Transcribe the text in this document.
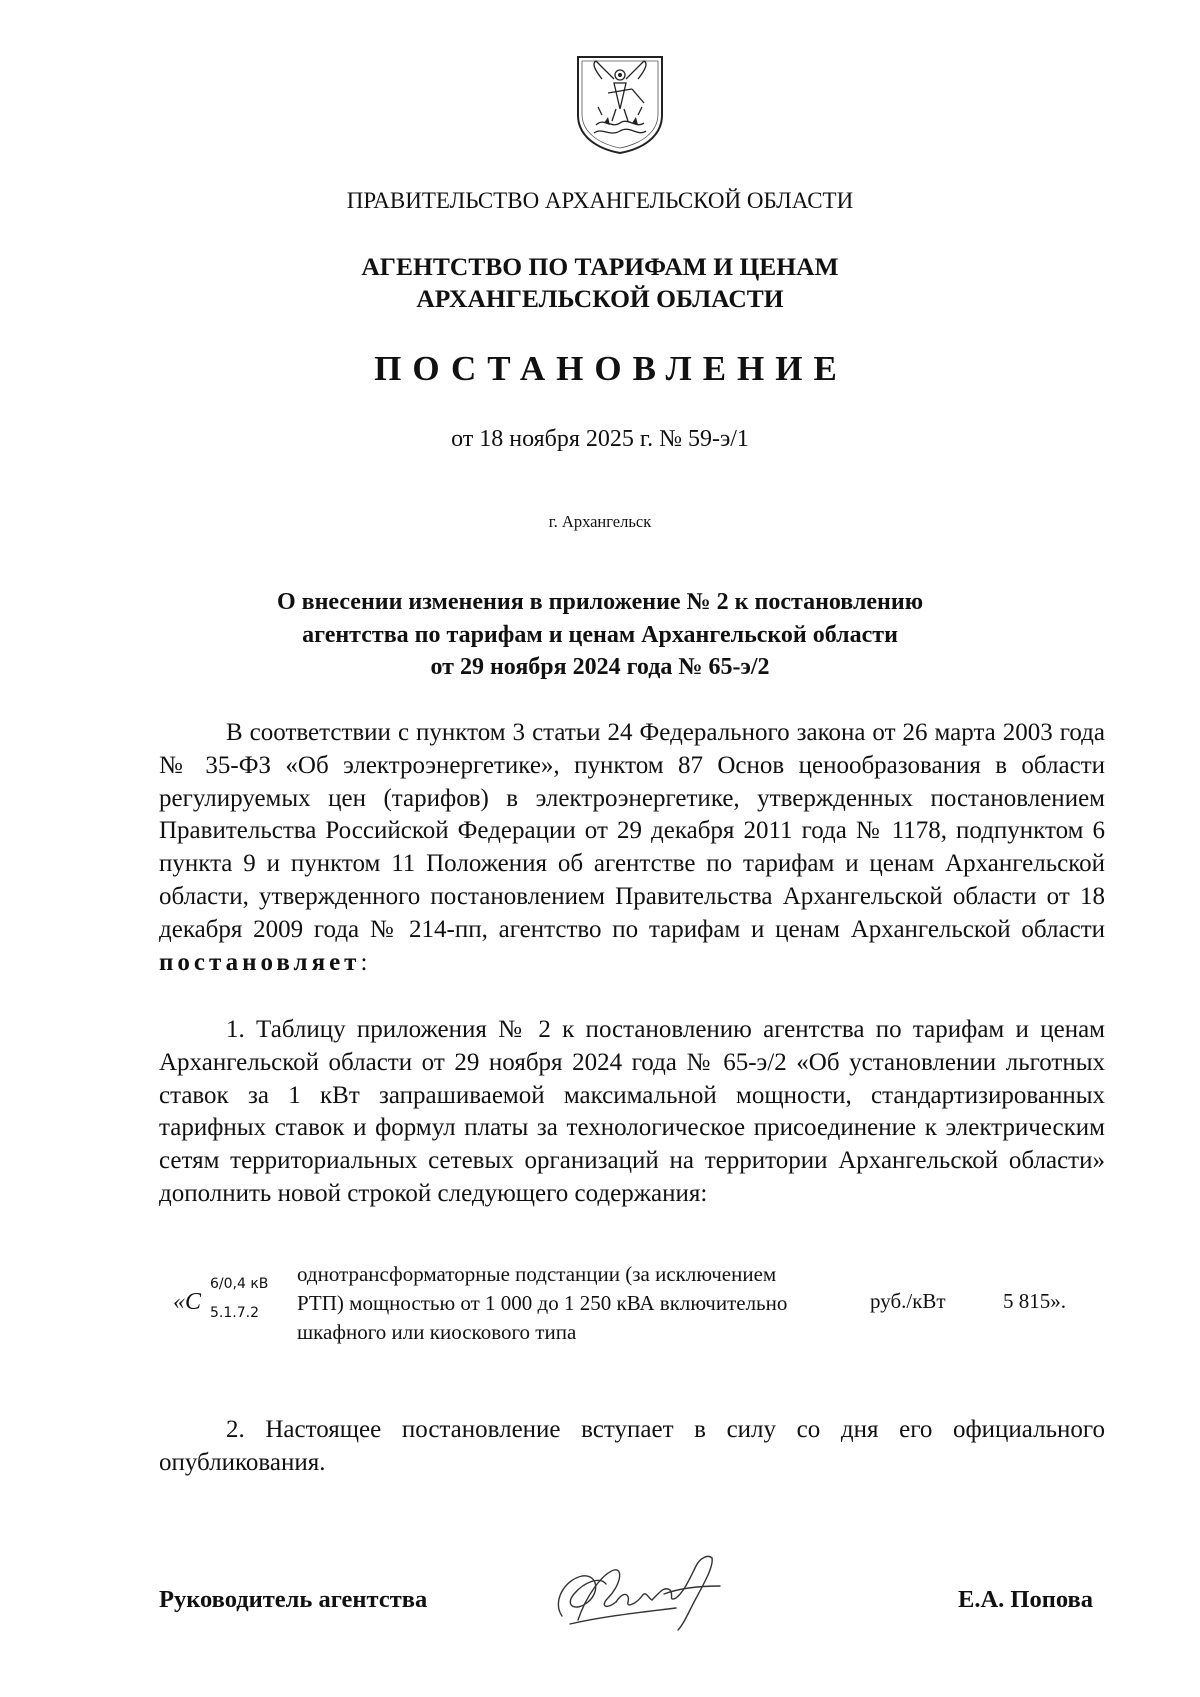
ПРАВИТЕЛЬСТВО АРХАНГЕЛЬСКОЙ ОБЛАСТИ
АГЕНТСТВО ПО ТАРИФАМ И ЦЕНАМ
АРХАНГЕЛЬСКОЙ ОБЛАСТИ
ПОСТАНОВЛЕНИЕ
от 18 ноября 2025 г. № 59-э/1
г. Архангельск
О внесении изменения в приложение № 2 к постановлению
агентства по тарифам и ценам Архангельской области
от 29 ноября 2024 года № 65-э/2
В соответствии с пунктом 3 статьи 24 Федерального закона от 26 марта 2003 года № 35-ФЗ «Об электроэнергетике», пунктом 87 Основ ценообразования в области регулируемых цен (тарифов) в электроэнергетике, утвержденных постановлением Правительства Российской Федерации от 29 декабря 2011 года № 1178, подпунктом 6 пункта 9 и пунктом 11 Положения об агентстве по тарифам и ценам Архангельской области, утвержденного постановлением Правительства Архангельской области от 18 декабря 2009 года № 214-пп, агентство по тарифам и ценам Архангельской области постановляет:
1. Таблицу приложения № 2 к постановлению агентства по тарифам и ценам Архангельской области от 29 ноября 2024 года № 65-э/2 «Об установлении льготных ставок за 1 кВт запрашиваемой максимальной мощности, стандартизированных тарифных ставок и формул платы за технологическое присоединение к электрическим сетям территориальных сетевых организаций на территории Архангельской области» дополнить новой строкой следующего содержания:
«C
6/0,4 кВ
5.1.7.2
однотрансформаторные подстанции (за исключением
РТП) мощностью от 1 000 до 1 250 кВА включительно
шкафного или киоскового типа
руб./кВт	5 815».
2. Настоящее постановление вступает в силу со дня его официального опубликования.
Руководитель агентства	Е.А. Попова
